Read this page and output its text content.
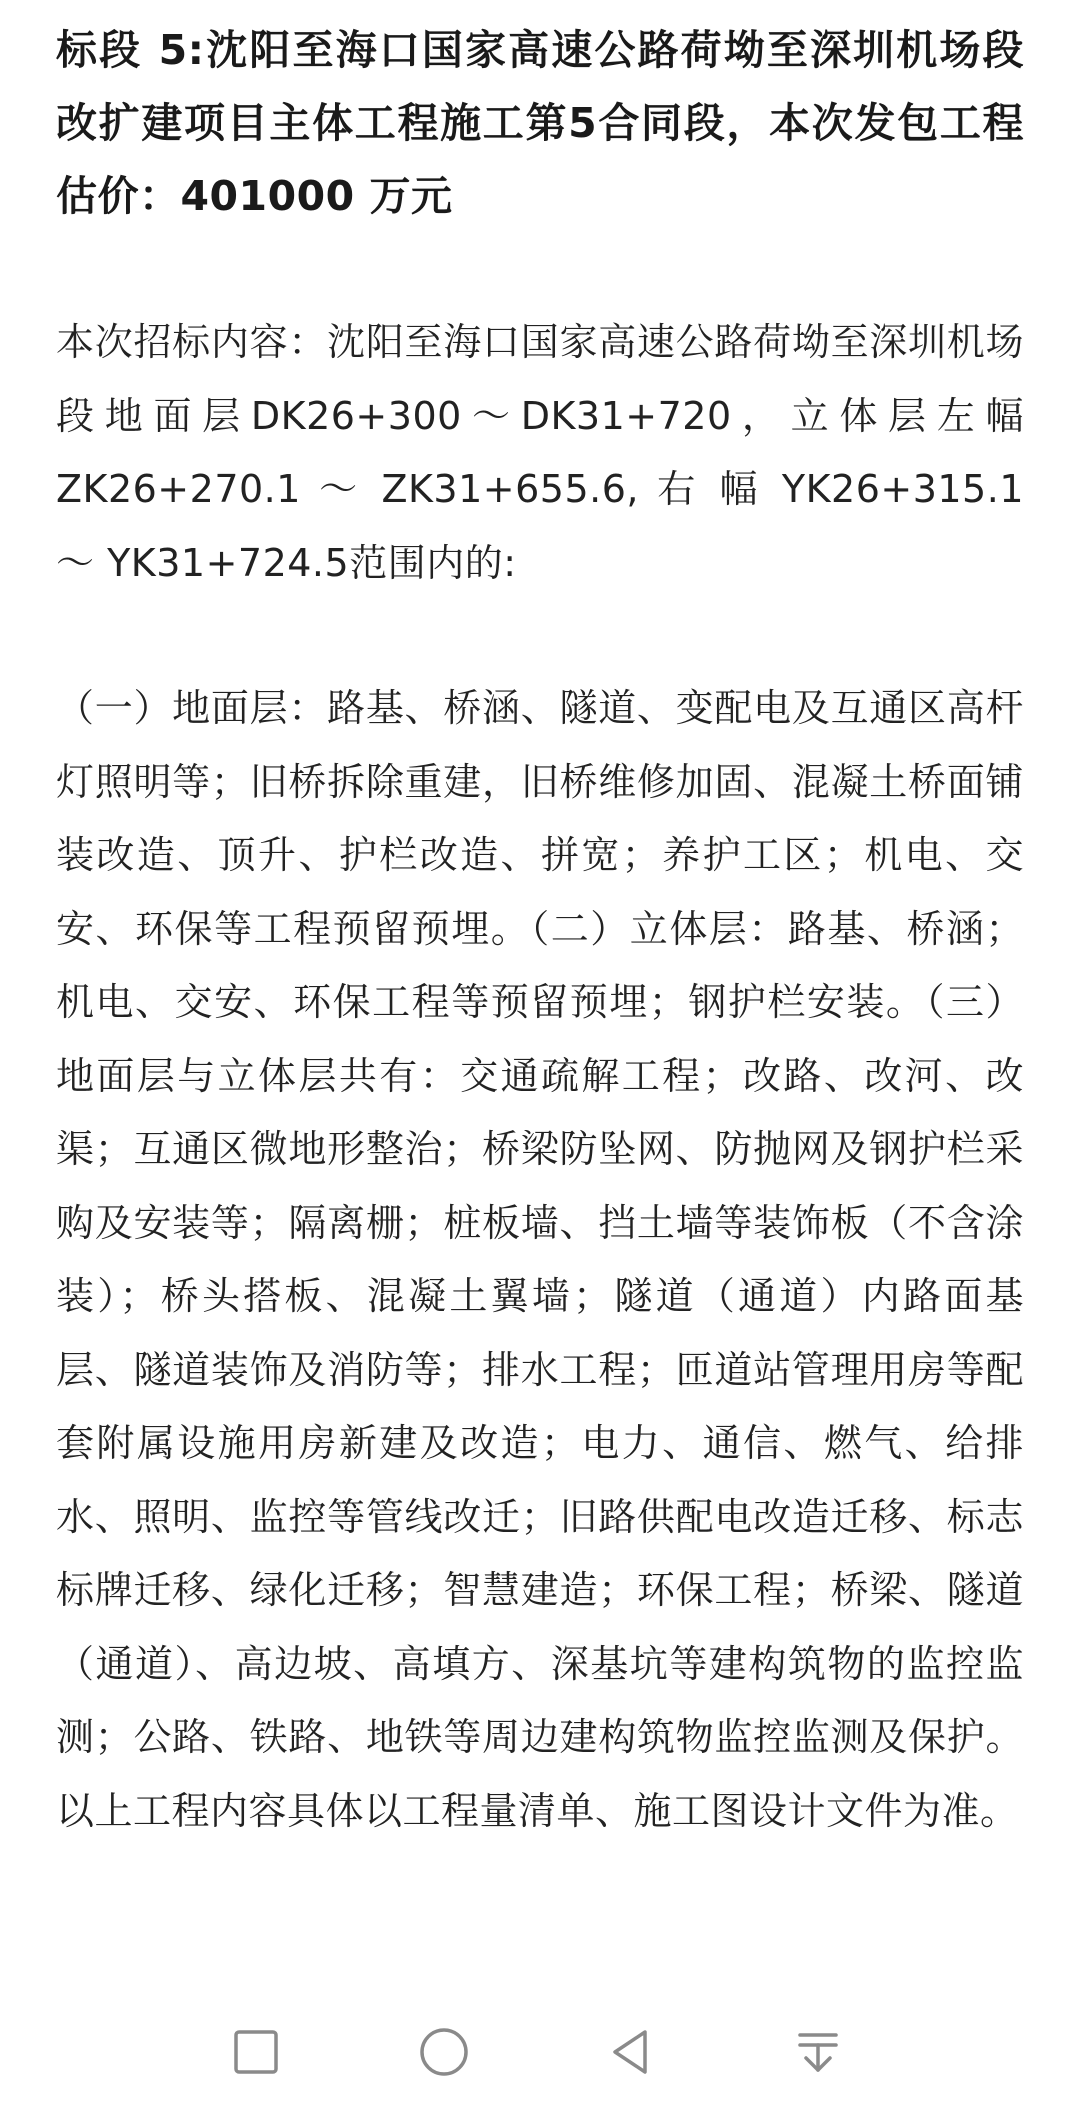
标段 5:沈阳至海口国家高速公路荷坳至深圳机场段改扩建项目主体工程施工第5合同段，本次发包工程估价：401000 万元

本次招标内容：沈阳至海口国家高速公路荷坳至深圳机场段地面层DK26+300～DK31+720，立体层左幅ZK26+270.1 ～ ZK31+655.6, 右 幅 YK26+315.1 ～ YK31+724.5范围内的:

（一）地面层：路基、桥涵、隧道、变配电及互通区高杆灯照明等；旧桥拆除重建，旧桥维修加固、混凝土桥面铺装改造、顶升、护栏改造、拼宽；养护工区；机电、交安、环保等工程预留预埋。（二）立体层：路基、桥涵；机电、交安、环保工程等预留预埋；钢护栏安装。（三）地面层与立体层共有：交通疏解工程；改路、改河、改渠；互通区微地形整治；桥梁防坠网、防抛网及钢护栏采购及安装等；隔离栅；桩板墙、挡土墙等装饰板（不含涂装）；桥头搭板、混凝土翼墙；隧道（通道）内路面基层、隧道装饰及消防等；排水工程；匝道站管理用房等配套附属设施用房新建及改造；电力、通信、燃气、给排水、照明、监控等管线改迁；旧路供配电改造迁移、标志标牌迁移、绿化迁移；智慧建造；环保工程；桥梁、隧道（通道）、高边坡、高填方、深基坑等建构筑物的监控监测；公路、铁路、地铁等周边建构筑物监控监测及保护。以上工程内容具体以工程量清单、施工图设计文件为准。
